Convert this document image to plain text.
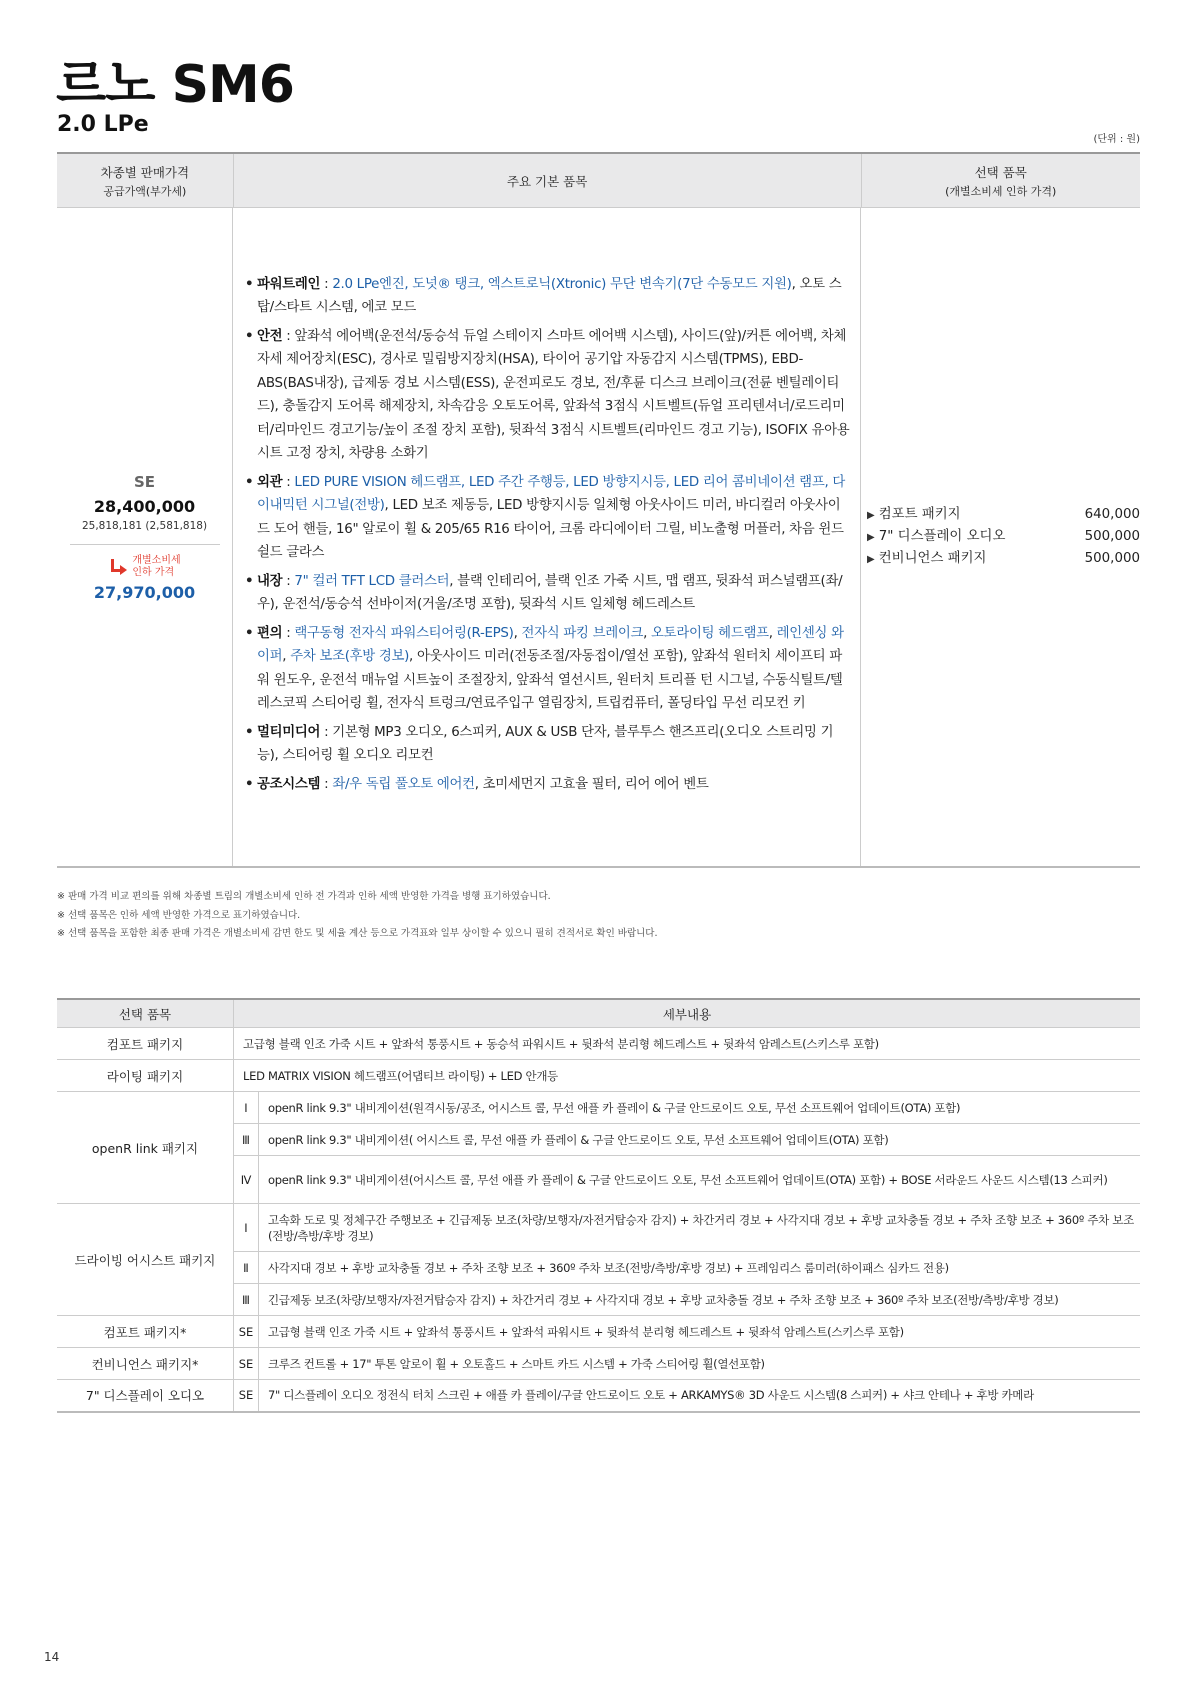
르노 SM6
2.0 LPe
(단위 : 원)
차종별 판매가격
공급가액(부가세)
주요 기본 품목
선택 품목
(개별소비세 인하 가격)
SE
28,400,000
25,818,181 (2,581,818)
개별소비세
인하 가격
27,970,000
• 파워트레인 : 2.0 LPe엔진, 도넛® 탱크, 엑스트로닉(Xtronic) 무단 변속기(7단 수동모드 지원), 오토 스탑/스타트 시스템, 에코 모드
• 안전 : 앞좌석 에어백(운전석/동승석 듀얼 스테이지 스마트 에어백 시스템), 사이드(앞)/커튼 에어백, 차체자세 제어장치(ESC), 경사로 밀림방지장치(HSA), 타이어 공기압 자동감지 시스템(TPMS), EBD-ABS(BAS내장), 급제동 경보 시스템(ESS), 운전피로도 경보, 전/후륜 디스크 브레이크(전륜 벤틸레이티드), 충돌감지 도어록 해제장치, 차속감응 오토도어록, 앞좌석 3점식 시트벨트(듀얼 프리텐셔너/로드리미터/리마인드 경고기능/높이 조절 장치 포함), 뒷좌석 3점식 시트벨트(리마인드 경고 기능), ISOFIX 유아용 시트 고정 장치, 차량용 소화기
• 외관 : LED PURE VISION 헤드램프, LED 주간 주행등, LED 방향지시등, LED 리어 콤비네이션 램프, 다이내믹턴 시그널(전방), LED 보조 제동등, LED 방향지시등 일체형 아웃사이드 미러, 바디컬러 아웃사이드 도어 핸들, 16" 알로이 휠 & 205/65 R16 타이어, 크롬 라디에이터 그릴, 비노출형 머플러, 차음 윈드 쉴드 글라스
• 내장 : 7" 컬러 TFT LCD 클러스터, 블랙 인테리어, 블랙 인조 가죽 시트, 맵 램프, 뒷좌석 퍼스널램프(좌/우), 운전석/동승석 선바이저(거울/조명 포함), 뒷좌석 시트 일체형 헤드레스트
• 편의 : 랙구동형 전자식 파워스티어링(R-EPS), 전자식 파킹 브레이크, 오토라이팅 헤드램프, 레인센싱 와이퍼, 주차 보조(후방 경보), 아웃사이드 미러(전동조절/자동접이/열선 포함), 앞좌석 원터치 세이프티 파워 윈도우, 운전석 매뉴얼 시트높이 조절장치, 앞좌석 열선시트, 원터치 트리플 턴 시그널, 수동식틸트/텔레스코픽 스티어링 휠, 전자식 트렁크/연료주입구 열림장치, 트립컴퓨터, 폴딩타입 무선 리모컨 키
• 멀티미디어 : 기본형 MP3 오디오, 6스피커, AUX & USB 단자, 블루투스 핸즈프리(오디오 스트리밍 기능), 스티어링 휠 오디오 리모컨
• 공조시스템 : 좌/우 독립 풀오토 에어컨, 초미세먼지 고효율 필터, 리어 에어 벤트
▶ 컴포트 패키지	640,000
▶ 7" 디스플레이 오디오	500,000
▶ 컨비니언스 패키지	500,000
※ 판매 가격 비교 편의를 위해 차종별 트림의 개별소비세 인하 전 가격과 인하 세액 반영한 가격을 병행 표기하였습니다.
※ 선택 품목은 인하 세액 반영한 가격으로 표기하였습니다.
※ 선택 품목을 포함한 최종 판매 가격은 개별소비세 감면 한도 및 세율 계산 등으로 가격표와 일부 상이할 수 있으니 필히 견적서로 확인 바랍니다.
선택 품목	세부내용	
컴포트 패키지	고급형 블랙 인조 가죽 시트 + 앞좌석 통풍시트 + 동승석 파워시트 + 뒷좌석 분리형 헤드레스트 + 뒷좌석 암레스트(스키스루 포함)	
라이팅 패키지	LED MATRIX VISION 헤드램프(어댑티브 라이팅) + LED 안개등	
openR link 패키지	Ⅰ	openR link 9.3" 내비게이션(원격시동/공조, 어시스트 콜, 무선 애플 카 플레이 & 구글 안드로이드 오토, 무선 소프트웨어 업데이트(OTA) 포함)
	Ⅲ	openR link 9.3" 내비게이션( 어시스트 콜, 무선 애플 카 플레이 & 구글 안드로이드 오토, 무선 소프트웨어 업데이트(OTA) 포함)
	Ⅳ	openR link 9.3" 내비게이션(어시스트 콜, 무선 애플 카 플레이 & 구글 안드로이드 오토, 무선 소프트웨어 업데이트(OTA) 포함) + BOSE 서라운드 사운드 시스템(13 스피커)
드라이빙 어시스트 패키지	Ⅰ	고속화 도로 및 정체구간 주행보조 + 긴급제동 보조(차량/보행자/자전거탑승자 감지) + 차간거리 경보 + 사각지대 경보 + 후방 교차충돌 경보 + 주차 조향 보조 + 360º 주차 보조(전방/측방/후방 경보)
	Ⅱ	사각지대 경보 + 후방 교차충돌 경보 + 주차 조향 보조 + 360º 주차 보조(전방/측방/후방 경보) + 프레임리스 룸미러(하이패스 심카드 전용)
	Ⅲ	긴급제동 보조(차량/보행자/자전거탑승자 감지) + 차간거리 경보 + 사각지대 경보 + 후방 교차충돌 경보 + 주차 조향 보조 + 360º 주차 보조(전방/측방/후방 경보)
컴포트 패키지*	SE	고급형 블랙 인조 가죽 시트 + 앞좌석 통풍시트 + 앞좌석 파워시트 + 뒷좌석 분리형 헤드레스트 + 뒷좌석 암레스트(스키스루 포함)
컨비니언스 패키지*	SE	크루즈 컨트롤 + 17" 투톤 알로이 휠 + 오토홀드 + 스마트 카드 시스템 + 가죽 스티어링 휠(열선포함)
7" 디스플레이 오디오	SE	7" 디스플레이 오디오 정전식 터치 스크린 + 애플 카 플레이/구글 안드로이드 오토 + ARKAMYS® 3D 사운드 시스템(8 스피커) + 샤크 안테나 + 후방 카메라
14
